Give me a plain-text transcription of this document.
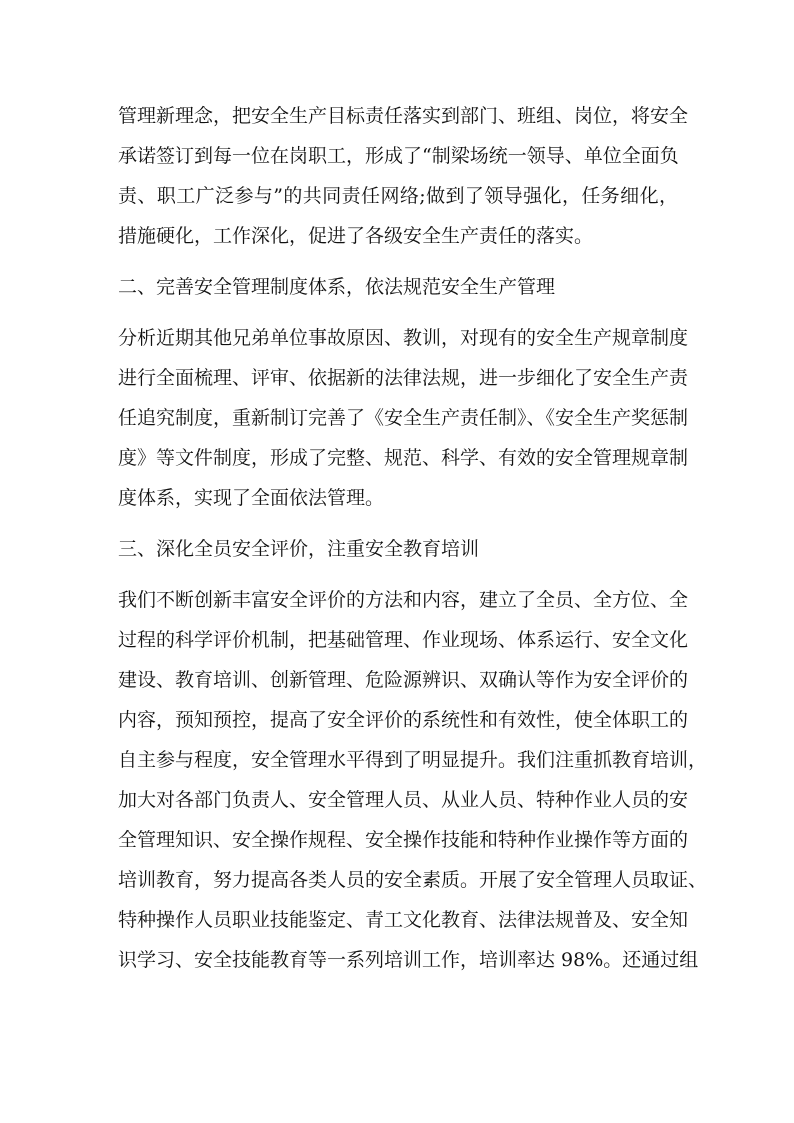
管理新理念，把安全生产目标责任落实到部门、班组、岗位，将安全
承诺签订到每一位在岗职工，形成了“制梁场统一领导、单位全面负
责、职工广泛参与”的共同责任网络;做到了领导强化，任务细化，
措施硬化，工作深化，促进了各级安全生产责任的落实。
二、完善安全管理制度体系，依法规范安全生产管理
分析近期其他兄弟单位事故原因、教训，对现有的安全生产规章制度
进行全面梳理、评审、依据新的法律法规，进一步细化了安全生产责
任追究制度，重新制订完善了《安全生产责任制》、《安全生产奖惩制
度》等文件制度，形成了完整、规范、科学、有效的安全管理规章制
度体系，实现了全面依法管理。
三、深化全员安全评价，注重安全教育培训
我们不断创新丰富安全评价的方法和内容，建立了全员、全方位、全
过程的科学评价机制，把基础管理、作业现场、体系运行、安全文化
建设、教育培训、创新管理、危险源辨识、双确认等作为安全评价的
内容，预知预控，提高了安全评价的系统性和有效性，使全体职工的
自主参与程度，安全管理水平得到了明显提升。我们注重抓教育培训，
加大对各部门负责人、安全管理人员、从业人员、特种作业人员的安
全管理知识、安全操作规程、安全操作技能和特种作业操作等方面的
培训教育，努力提高各类人员的安全素质。开展了安全管理人员取证、
特种操作人员职业技能鉴定、青工文化教育、法律法规普及、安全知
识学习、安全技能教育等一系列培训工作，培训率达 98%。还通过组
